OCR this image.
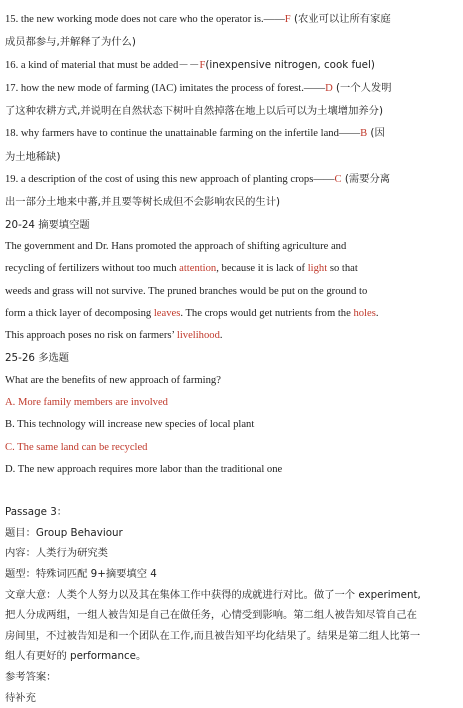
15. the new working mode does not care who the operator is.——F (农业可以让所有家庭
成员都参与,并解释了为什么)
16. a kind of material that must be added－－F(inexpensive nitrogen, cook fuel)
17. how the new mode of farming (IAC) imitates the process of forest.——D (一个人发明
了这种农耕方式,并说明在自然状态下树叶自然掉落在地上以后可以为土壤增加养分)
18. why farmers have to continue the unattainable farming on the infertile land——B (因
为土地稀缺)
19. a description of the cost of using this new approach of planting crops——C (需要分离
出一部分土地来中蕃,并且要等树长成但不会影响农民的生计)
20-24 摘要填空题
The government and Dr. Hans promoted the approach of shifting agriculture and
recycling of fertilizers without too much attention, because it is lack of light so that
weeds and grass will not survive. The pruned branches would be put on the ground to
form a thick layer of decomposing leaves. The crops would get nutrients from the holes.
This approach poses no risk on farmers’ livelihood.
25-26 多选题
What are the benefits of new approach of farming?
A. More family members are involved
B. This technology will increase new species of local plant
C. The same land can be recycled
D. The new approach requires more labor than the traditional one
Passage 3：
题目：Group Behaviour
内容：人类行为研究类
题型：特殊词匹配 9+摘要填空 4
文章大意：人类个人努力以及其在集体工作中获得的成就进行对比。做了一个 experiment,
把人分成两组，一组人被告知是自己在做任务，心情受到影响。第二组人被告知尽管自己在
房间里，不过被告知是和一个团队在工作,而且被告知平均化结果了。结果是第二组人比第一
组人有更好的 performance。
参考答案：
待补充
